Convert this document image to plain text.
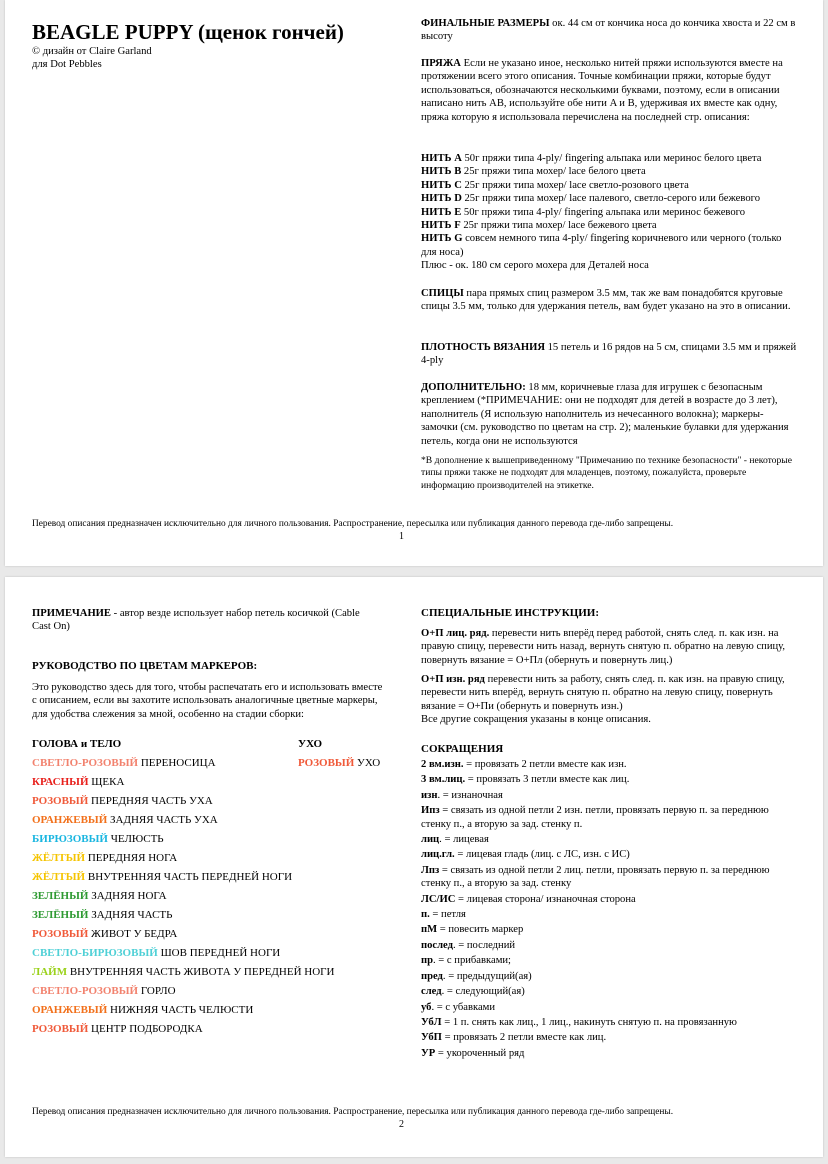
BEAGLE PUPPY (щенок гончей)
© дизайн от Claire Garland
для Dot Pebbles
ФИНАЛЬНЫЕ РАЗМЕРЫ ок. 44 см от кончика носа до кончика хвоста и 22 см в высоту
ПРЯЖА Если не указано иное, несколько нитей пряжи используются вместе на протяжении всего этого описания. Точные комбинации пряжи, которые будут использоваться, обозначаются несколькими буквами, поэтому, если в описании написано нить AB, используйте обе нити A и B, удерживая их вместе как одну, пряжа которую я использовала перечислена на последней стр. описания:
НИТЬ А 50г пряжи типа 4-ply/ fingering альпака или меринос белого цвета
НИТЬ B 25г пряжи типа мохер/ lace белого цвета
НИТЬ C 25г пряжи типа мохер/ lace светло-розового цвета
НИТЬ D 25г пряжи типа мохер/ lace палевого, светло-серого или бежевого
НИТЬ E 50г пряжи типа 4-ply/ fingering альпака или меринос бежевого
НИТЬ F 25г пряжи типа мохер/ lace бежевого цвета
НИТЬ G совсем немного типа 4-ply/ fingering коричневого или черного (только для носа)
Плюс - ок. 180 см серого мохера для Деталей носа
СПИЦЫ пара прямых спиц размером 3.5 мм, так же вам понадобятся круговые спицы 3.5 мм, только для удержания петель, вам будет указано на это в описании.
ПЛОТНОСТЬ ВЯЗАНИЯ 15 петель и 16 рядов на 5 см, спицами 3.5 мм и пряжей 4-ply
ДОПОЛНИТЕЛЬНО: 18 мм, коричневые глаза для игрушек с безопасным креплением (*ПРИМЕЧАНИЕ: они не подходят для детей в возрасте до 3 лет), наполнитель (Я использую наполнитель из нечесанного волокна); маркеры-замочки (см. руководство по цветам на стр. 2); маленькие булавки для удержания петель, когда они не используются
*В дополнение к вышеприведенному "Примечанию по технике безопасности" - некоторые типы пряжи также не подходят для младенцев, поэтому, пожалуйста, проверьте информацию производителей на этикетке.
Перевод описания предназначен исключительно для личного пользования. Распространение, пересылка или публикация данного перевода где-либо запрещены.
1
ПРИМЕЧАНИЕ - автор везде использует набор петель косичкой (Cable Cast On)
РУКОВОДСТВО ПО ЦВЕТАМ МАРКЕРОВ:
Это руководство здесь для того, чтобы распечатать его и использовать вместе с описанием, если вы захотите использовать аналогичные цветные маркеры, для удобства слежения за мной, особенно на стадии сборки:
ГОЛОВА и ТЕЛО	УХО
РОЗОВЫЙ УХО
СВЕТЛО-РОЗОВЫЙ ПЕРЕНОСИЦА
КРАСНЫЙ ЩЕКА
РОЗОВЫЙ ПЕРЕДНЯЯ ЧАСТЬ УХА
ОРАНЖЕВЫЙ ЗАДНЯЯ ЧАСТЬ УХА
БИРЮЗОВЫЙ ЧЕЛЮСТЬ
ЖЁЛТЫЙ ПЕРЕДНЯЯ НОГА
ЖЁЛТЫЙ ВНУТРЕННЯЯ ЧАСТЬ ПЕРЕДНЕЙ НОГИ
ЗЕЛЁНЫЙ ЗАДНЯЯ НОГА
ЗЕЛЁНЫЙ ЗАДНЯЯ ЧАСТЬ
РОЗОВЫЙ ЖИВОТ У БЕДРА
СВЕТЛО-БИРЮЗОВЫЙ ШОВ ПЕРЕДНЕЙ НОГИ
ЛАЙМ ВНУТРЕННЯЯ ЧАСТЬ ЖИВОТА У ПЕРЕДНЕЙ НОГИ
СВЕТЛО-РОЗОВЫЙ ГОРЛО
ОРАНЖЕВЫЙ НИЖНЯЯ ЧАСТЬ ЧЕЛЮСТИ
РОЗОВЫЙ ЦЕНТР ПОДБОРОДКА
СПЕЦИАЛЬНЫЕ ИНСТРУКЦИИ:
О+П лиц. ряд. перевести нить вперёд перед работой, снять след. п. как изн. на правую спицу, перевести нить назад, вернуть снятую п. обратно на левую спицу, повернуть вязание = О+Пл (обернуть и повернуть лиц.)
О+П изн. ряд перевести нить за работу, снять след. п. как изн. на правую спицу, перевести нить вперёд, вернуть снятую п. обратно на левую спицу, повернуть вязание = О+Пи (обернуть и повернуть изн.)
Все другие сокращения указаны в конце описания.
СОКРАЩЕНИЯ
2 вм.изн. = провязать 2 петли вместе как изн.
3 вм.лиц. = провязать 3 петли вместе как лиц.
изн. = изнаночная
Ипз = связать из одной петли 2 изн. петли, провязать первую п. за переднюю стенку п., а вторую за зад. стенку п.
лиц. = лицевая
лиц.гл. = лицевая гладь (лиц. с ЛС, изн. с ИС)
Лпз = связать из одной петли 2 лиц. петли, провязать первую п. за переднюю стенку п., а вторую за зад. стенку
ЛС/ИС = лицевая сторона/ изнаночная сторона
п. = петля
пМ = повесить маркер
послед. = последний
пр. = с прибавками;
пред. = предыдущий(ая)
след. = следующий(ая)
уб. = с убавками
УбЛ = 1 п. снять как лиц., 1 лиц., накинуть снятую п. на провязанную
УбП = провязать 2 петли вместе как лиц.
УР = укороченный ряд
Перевод описания предназначен исключительно для личного пользования. Распространение, пересылка или публикация данного перевода где-либо запрещены.
2
